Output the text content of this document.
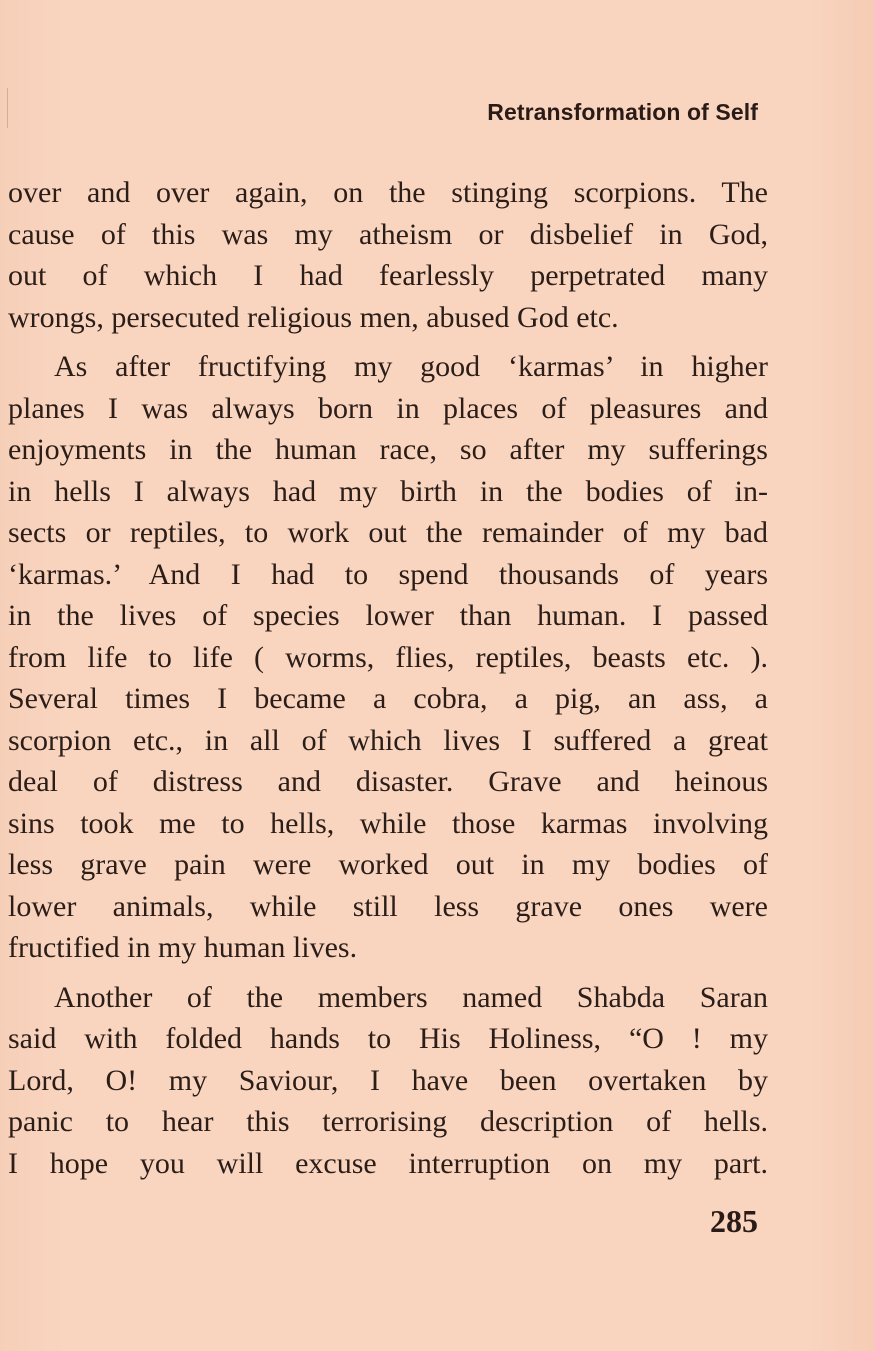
Retransformation of Self
over and over again, on the stinging scorpions. The
cause of this was my atheism or disbelief in God,
out of which I had fearlessly perpetrated many
wrongs, persecuted religious men, abused God etc.
As after fructifying my good ‘karmas’ in higher
planes I was always born in places of pleasures and
enjoyments in the human race, so after my sufferings
in hells I always had my birth in the bodies of in-
sects or reptiles, to work out the remainder of my bad
‘karmas.’ And I had to spend thousands of years
in the lives of species lower than human. I passed
from life to life ( worms, flies, reptiles, beasts etc. ).
Several times I became a cobra, a pig, an ass, a
scorpion etc., in all of which lives I suffered a great
deal of distress and disaster. Grave and heinous
sins took me to hells, while those karmas involving
less grave pain were worked out in my bodies of
lower animals, while still less grave ones were
fructified in my human lives.
Another of the members named Shabda Saran
said with folded hands to His Holiness, “O ! my
Lord, O! my Saviour, I have been overtaken by
panic to hear this terrorising description of hells.
I hope you will excuse interruption on my part.
285
